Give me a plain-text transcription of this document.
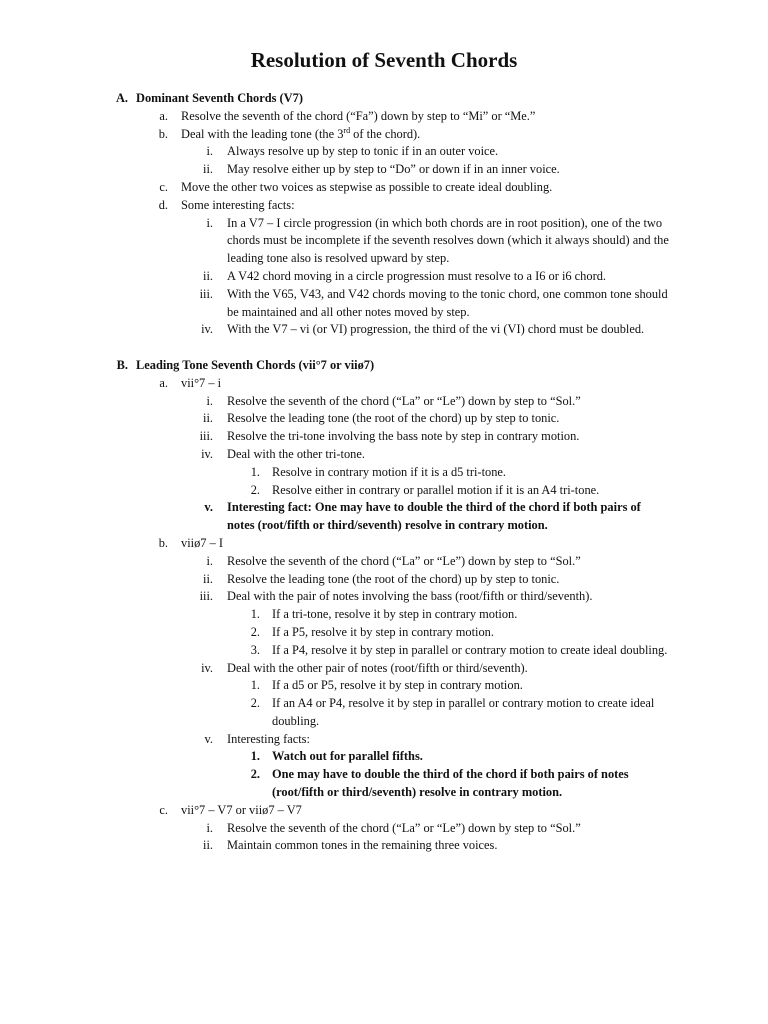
Resolution of Seventh Chords
A. Dominant Seventh Chords (V7)
a. Resolve the seventh of the chord (“Fa”) down by step to “Mi” or “Me.”
b. Deal with the leading tone (the 3rd of the chord).
i. Always resolve up by step to tonic if in an outer voice.
ii. May resolve either up by step to “Do” or down if in an inner voice.
c. Move the other two voices as stepwise as possible to create ideal doubling.
d. Some interesting facts:
i. In a V7 – I circle progression (in which both chords are in root position), one of the two chords must be incomplete if the seventh resolves down (which it always should) and the leading tone also is resolved upward by step.
ii. A V42 chord moving in a circle progression must resolve to a I6 or i6 chord.
iii. With the V65, V43, and V42 chords moving to the tonic chord, one common tone should be maintained and all other notes moved by step.
iv. With the V7 – vi (or VI) progression, the third of the vi (VI) chord must be doubled.
B. Leading Tone Seventh Chords (vii°7 or viiø7)
a. vii°7 – i
i. Resolve the seventh of the chord (“La” or “Le”) down by step to “Sol.”
ii. Resolve the leading tone (the root of the chord) up by step to tonic.
iii. Resolve the tri-tone involving the bass note by step in contrary motion.
iv. Deal with the other tri-tone.
1. Resolve in contrary motion if it is a d5 tri-tone.
2. Resolve either in contrary or parallel motion if it is an A4 tri-tone.
v. Interesting fact: One may have to double the third of the chord if both pairs of notes (root/fifth or third/seventh) resolve in contrary motion.
b. viiø7 – I
i. Resolve the seventh of the chord (“La” or “Le”) down by step to “Sol.”
ii. Resolve the leading tone (the root of the chord) up by step to tonic.
iii. Deal with the pair of notes involving the bass (root/fifth or third/seventh).
1. If a tri-tone, resolve it by step in contrary motion.
2. If a P5, resolve it by step in contrary motion.
3. If a P4, resolve it by step in parallel or contrary motion to create ideal doubling.
iv. Deal with the other pair of notes (root/fifth or third/seventh).
1. If a d5 or P5, resolve it by step in contrary motion.
2. If an A4 or P4, resolve it by step in parallel or contrary motion to create ideal doubling.
v. Interesting facts:
1. Watch out for parallel fifths.
2. One may have to double the third of the chord if both pairs of notes (root/fifth or third/seventh) resolve in contrary motion.
c. vii°7 – V7 or viiø7 – V7
i. Resolve the seventh of the chord (“La” or “Le”) down by step to “Sol.”
ii. Maintain common tones in the remaining three voices.
